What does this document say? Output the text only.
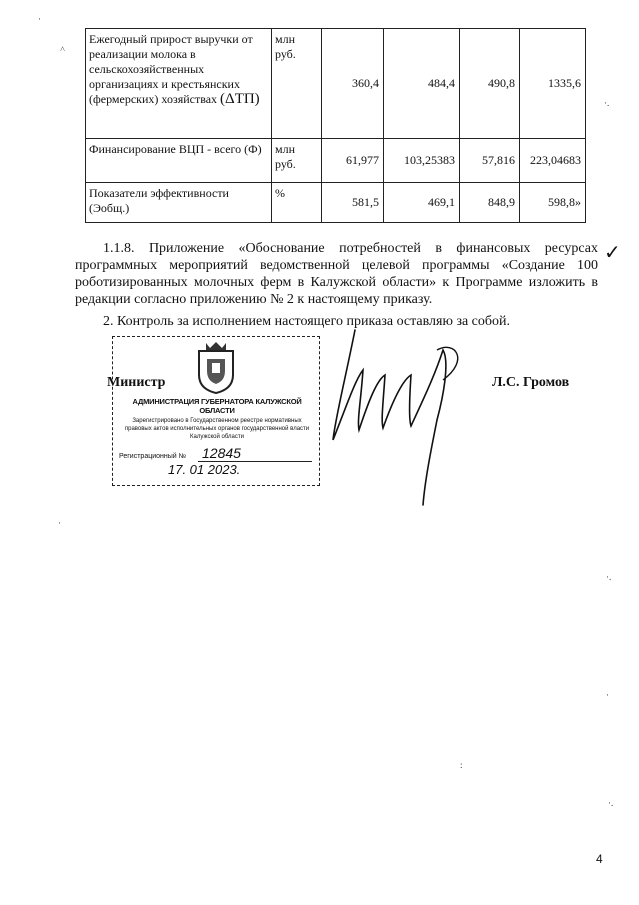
Ежегодный прирост выручки от реализации молока в сельскохозяйственных организациях и крестьянских (фермерских) хозяйствах (ΔТП)	млн руб.	360,4	484,4	490,8	1335,6
Финансирование ВЦП - всего (Ф)	млн руб.	61,977	103,25383	57,816	223,04683
Показатели эффективности (Эобщ.)	%	581,5	469,1	848,9	598,8»

1.1.8. Приложение «Обоснование потребностей в финансовых ресурсах программных мероприятий ведомственной целевой программы «Создание 100 роботизированных молочных ферм в Калужской области» к Программе изложить в редакции согласно приложению № 2 к настоящему приказу.

✓

2. Контроль за исполнением настоящего приказа оставляю за собой.

АДМИНИСТРАЦИЯ ГУБЕРНАТОРА КАЛУЖСКОЙ ОБЛАСТИ
Зарегистрировано в Государственном реестре нормативных правовых актов исполнительных органов государственной власти Калужской области
Регистрационный № 12845
17. 01 2023.
Министр	Л.С. Громов
4
˄
·
·.
·.
·
·.
:
·
